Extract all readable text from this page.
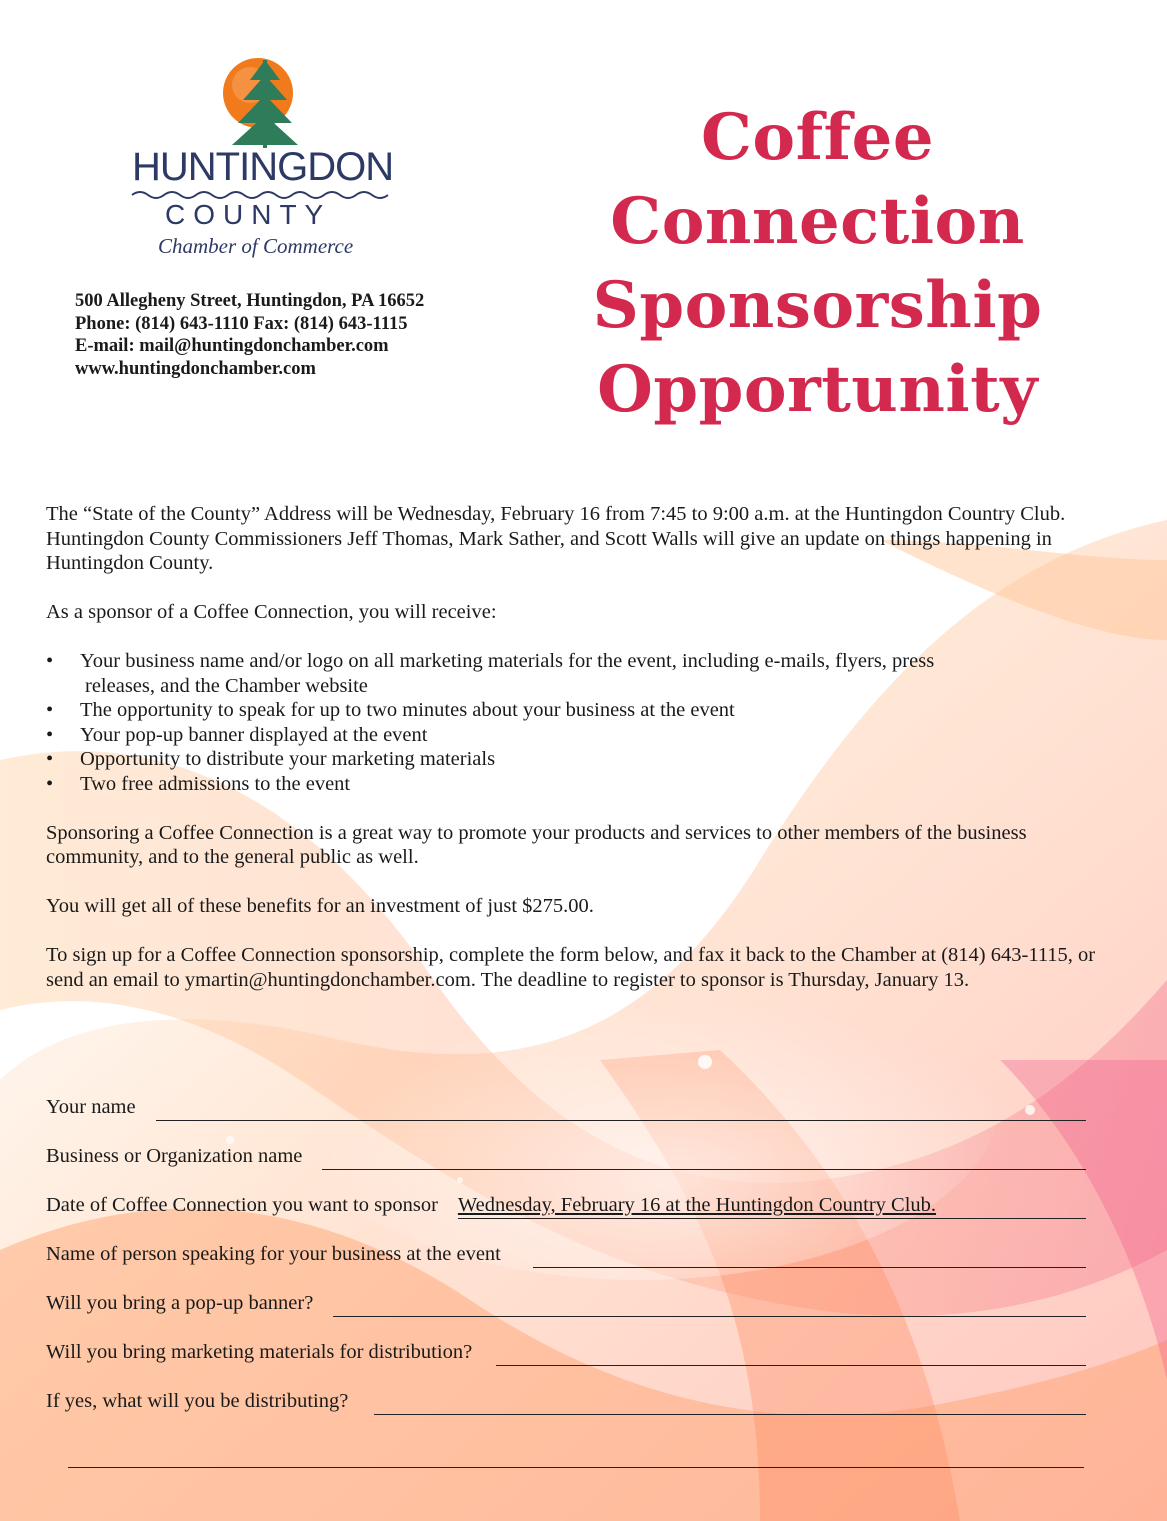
HUNTINGDON
COUNTY
Chamber of Commerce
500 Allegheny Street, Huntingdon, PA 16652
Phone: (814) 643-1110 Fax: (814) 643-1115
E-mail: mail@huntingdonchamber.com
www.huntingdonchamber.com
Coffee Connection
Sponsorship
Opportunity

The “State of the County” Address will be Wednesday, February 16 from 7:45 to 9:00 a.m. at the Huntingdon Country Club. Huntingdon County Commissioners Jeff Thomas, Mark Sather, and Scott Walls will give an update on things happening in Huntingdon County.

As a sponsor of a Coffee Connection, you will receive:

• Your business name and/or logo on all marketing materials for the event, including e-mails, flyers, press
releases, and the Chamber website
• The opportunity to speak for up to two minutes about your business at the event
• Your pop-up banner displayed at the event
• Opportunity to distribute your marketing materials
• Two free admissions to the event

Sponsoring a Coffee Connection is a great way to promote your products and services to other members of the business community, and to the general public as well.

You will get all of these benefits for an investment of just $275.00.

To sign up for a Coffee Connection sponsorship, complete the form below, and fax it back to the Chamber at (814) 643-1115, or send an email to ymartin@huntingdonchamber.com. The deadline to register to sponsor is Thursday, January 13.

Your name
Business or Organization name
Date of Coffee Connection you want to sponsor Wednesday, February 16 at the Huntingdon Country Club.
Name of person speaking for your business at the event
Will you bring a pop-up banner?
Will you bring marketing materials for distribution?
If yes, what will you be distributing?
